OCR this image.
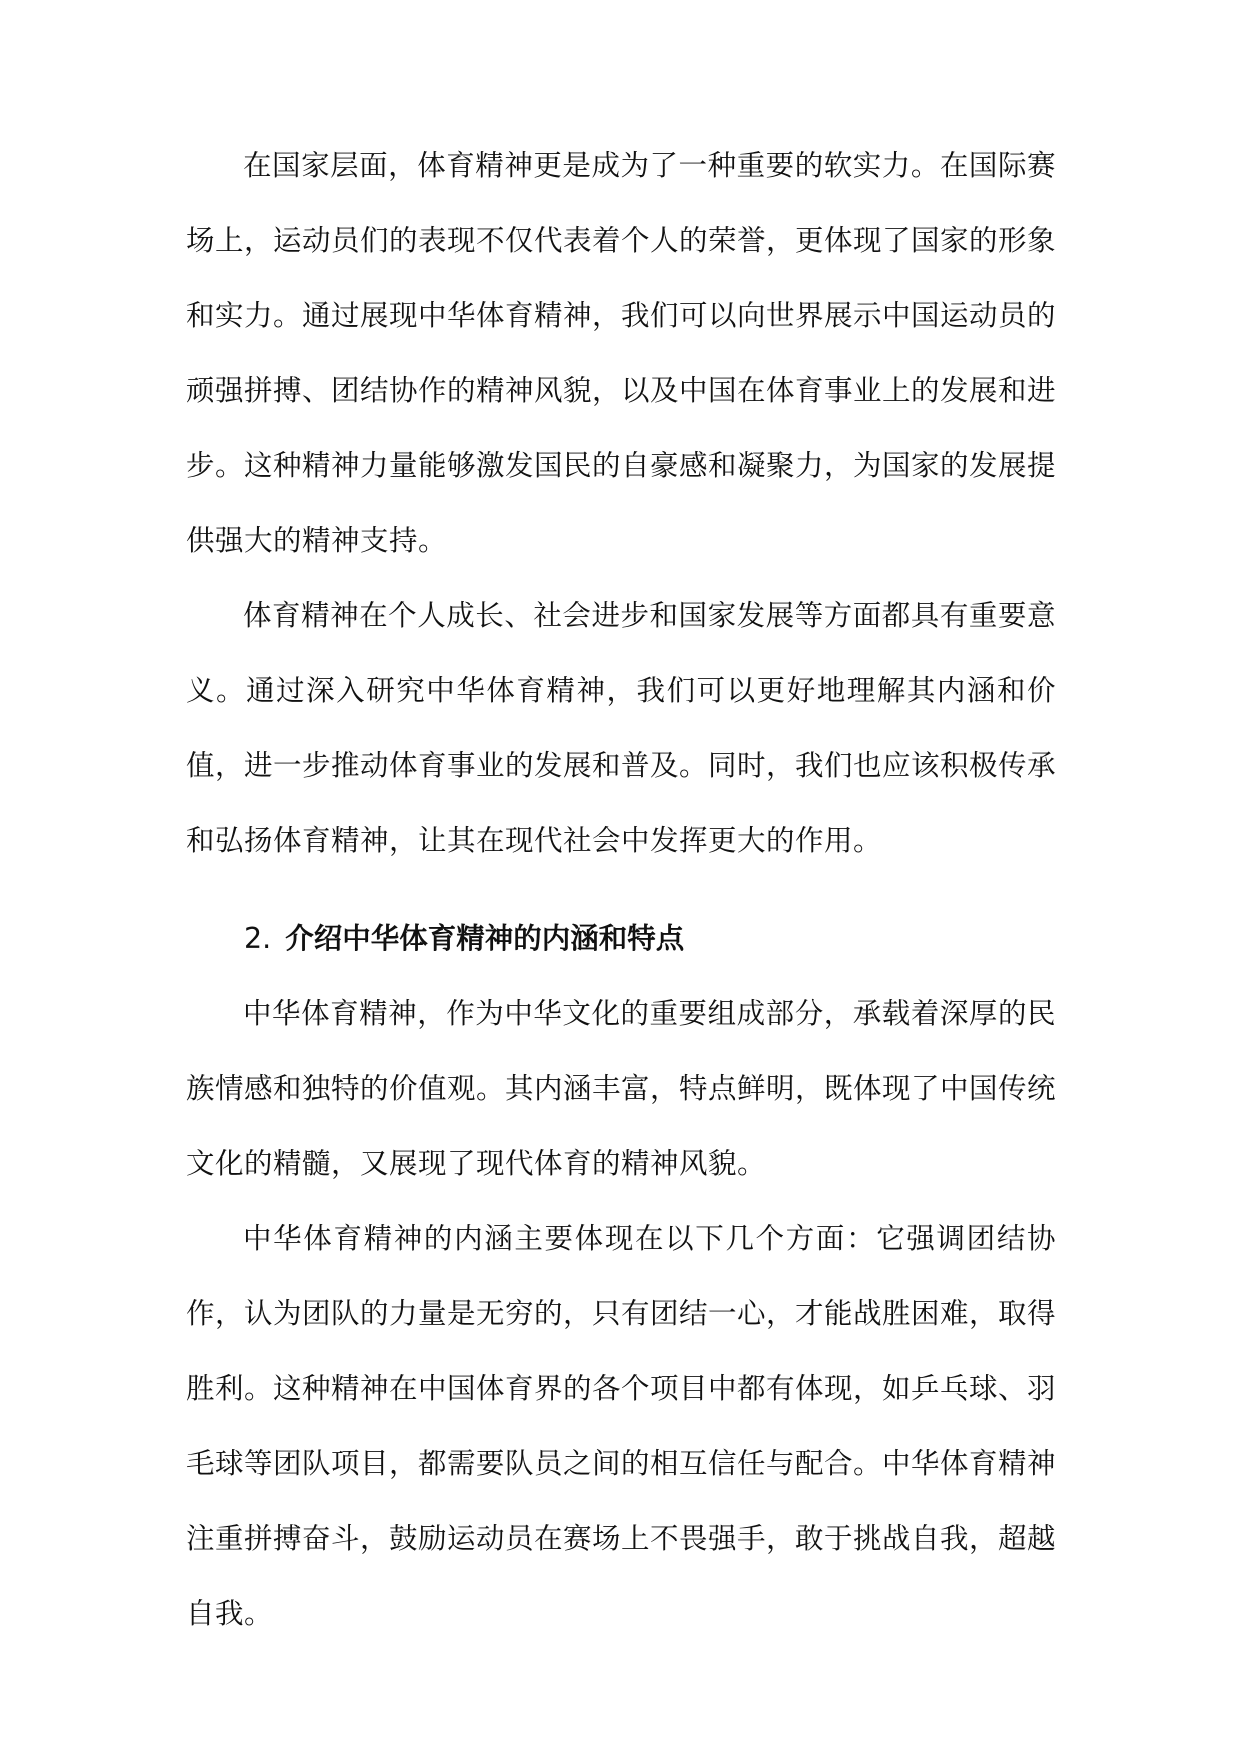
在国家层面，体育精神更是成为了一种重要的软实力。在国际赛场上，运动员们的表现不仅代表着个人的荣誉，更体现了国家的形象和实力。通过展现中华体育精神，我们可以向世界展示中国运动员的顽强拼搏、团结协作的精神风貌，以及中国在体育事业上的发展和进步。这种精神力量能够激发国民的自豪感和凝聚力，为国家的发展提供强大的精神支持。

体育精神在个人成长、社会进步和国家发展等方面都具有重要意义。通过深入研究中华体育精神，我们可以更好地理解其内涵和价值，进一步推动体育事业的发展和普及。同时，我们也应该积极传承和弘扬体育精神，让其在现代社会中发挥更大的作用。

2. 介绍中华体育精神的内涵和特点

中华体育精神，作为中华文化的重要组成部分，承载着深厚的民族情感和独特的价值观。其内涵丰富，特点鲜明，既体现了中国传统文化的精髓，又展现了现代体育的精神风貌。

中华体育精神的内涵主要体现在以下几个方面：它强调团结协作，认为团队的力量是无穷的，只有团结一心，才能战胜困难，取得胜利。这种精神在中国体育界的各个项目中都有体现，如乒乓球、羽毛球等团队项目，都需要队员之间的相互信任与配合。中华体育精神注重拼搏奋斗，鼓励运动员在赛场上不畏强手，敢于挑战自我，超越自我。
